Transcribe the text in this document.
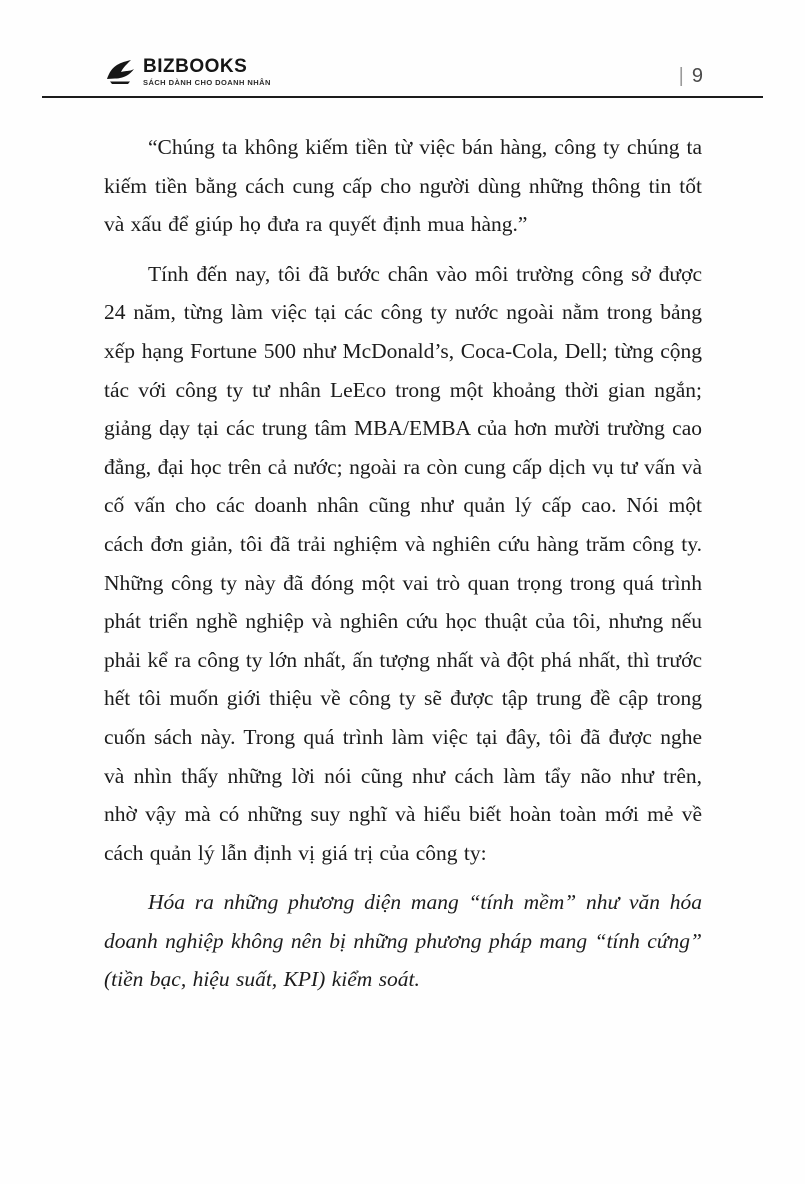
BIZBOOKS
SÁCH DÀNH CHO DOANH NHÂN	| 9

“Chúng ta không kiếm tiền từ việc bán hàng, công ty chúng ta kiếm tiền bằng cách cung cấp cho người dùng những thông tin tốt và xấu để giúp họ đưa ra quyết định mua hàng.”

Tính đến nay, tôi đã bước chân vào môi trường công sở được 24 năm, từng làm việc tại các công ty nước ngoài nằm trong bảng xếp hạng Fortune 500 như McDonald’s, Coca-Cola, Dell; từng cộng tác với công ty tư nhân LeEco trong một khoảng thời gian ngắn; giảng dạy tại các trung tâm MBA/EMBA của hơn mười trường cao đẳng, đại học trên cả nước; ngoài ra còn cung cấp dịch vụ tư vấn và cố vấn cho các doanh nhân cũng như quản lý cấp cao. Nói một cách đơn giản, tôi đã trải nghiệm và nghiên cứu hàng trăm công ty. Những công ty này đã đóng một vai trò quan trọng trong quá trình phát triển nghề nghiệp và nghiên cứu học thuật của tôi, nhưng nếu phải kể ra công ty lớn nhất, ấn tượng nhất và đột phá nhất, thì trước hết tôi muốn giới thiệu về công ty sẽ được tập trung đề cập trong cuốn sách này. Trong quá trình làm việc tại đây, tôi đã được nghe và nhìn thấy những lời nói cũng như cách làm tẩy não như trên, nhờ vậy mà có những suy nghĩ và hiểu biết hoàn toàn mới mẻ về cách quản lý lẫn định vị giá trị của công ty:

Hóa ra những phương diện mang “tính mềm” như văn hóa doanh nghiệp không nên bị những phương pháp mang “tính cứng” (tiền bạc, hiệu suất, KPI) kiểm soát.
